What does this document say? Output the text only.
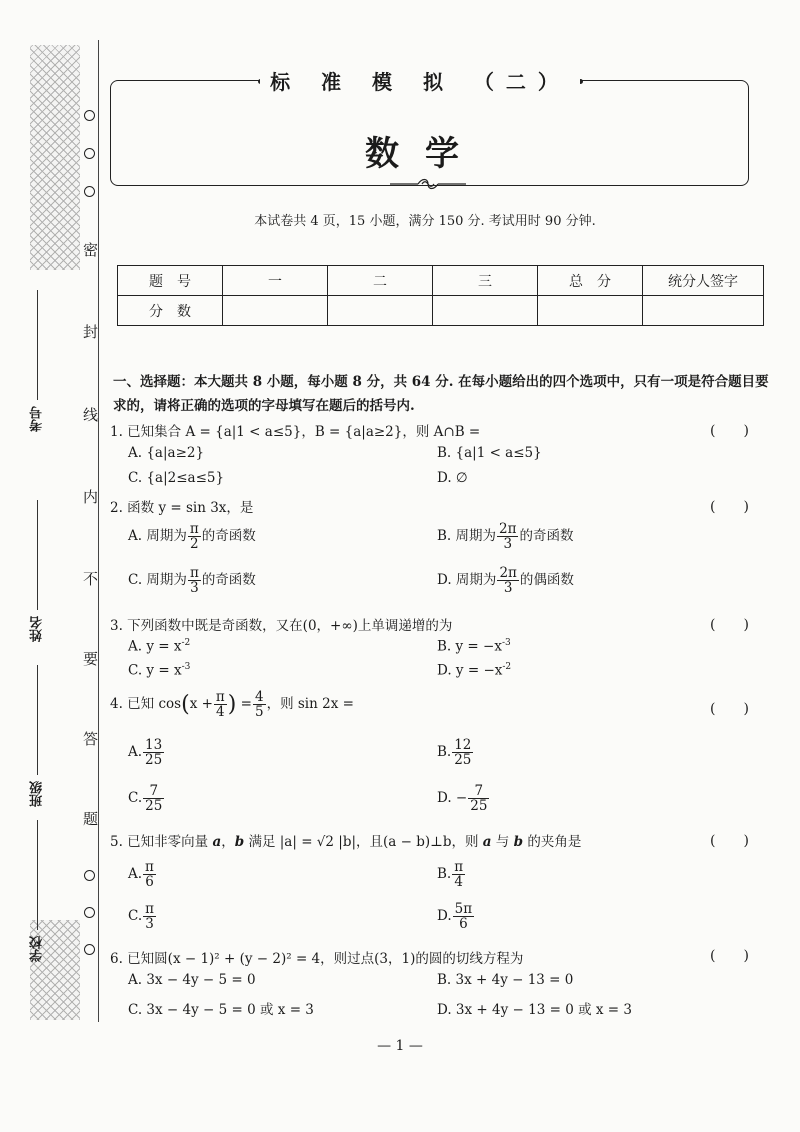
密
封
线
内
不
要
答
题
考号
姓名
班级
学校
标 准 模 拟 （二）
数学
本试卷共 4 页，15 小题，满分 150 分. 考试用时 90 分钟.
题　号	一	二	三	总　分	统分人签字
分　数					
一、选择题：本大题共 8 小题，每小题 8 分，共 64 分. 在每小题给出的四个选项中，只有一项是符合题目要求的，请将正确的选项的字母填写在题后的括号内.
1. 已知集合 A = {a|1 < a≤5}，B = {a|a≥2}，则 A∩B =	(　　)
A. {a|a≥2}	B. {a|1 < a≤5}
C. {a|2≤a≤5}	D. ∅
2. 函数 y = sin 3x，是	(　　)
A. 周期为 $\frac{\pi}{2}$ 的奇函数	B. 周期为 $\frac{2\pi}{3}$ 的奇函数
C. 周期为 $\frac{\pi}{3}$ 的奇函数	D. 周期为 $\frac{2\pi}{3}$ 的偶函数
3. 下列函数中既是奇函数，又在(0，+∞)上单调递增的为	(　　)
A. $y = x^{-2}$	B. $y = -x^{-3}$
C. $y = x^{-3}$	D. $y = -x^{-2}$
4. 已知 $\cos(x + \frac{\pi}{4}$ ) = $\frac{4}{5}$ ，则 sin 2x =	(　　)
A. $\frac{13}{25}$	B. $\frac{12}{25}$
C. $\frac{7}{25}$	D. − $\frac{7}{25}$
5. 已知非零向量 a，b 满足 |a| = √2 |b|，且(a − b)⊥b，则 a 与 b 的夹角是	(　　)
A. $\frac{\pi}{6}$	B. $\frac{\pi}{4}$
C. $\frac{\pi}{3}$	D. $\frac{5\pi}{6}$
6. 已知圆(x − 1)² + (y − 2)² = 4，则过点(3，1)的圆的切线方程为	(　　)
A. 3x − 4y − 5 = 0	B. 3x + 4y − 13 = 0
C. 3x − 4y − 5 = 0 或 x = 3	D. 3x + 4y − 13 = 0 或 x = 3
— 1 —
